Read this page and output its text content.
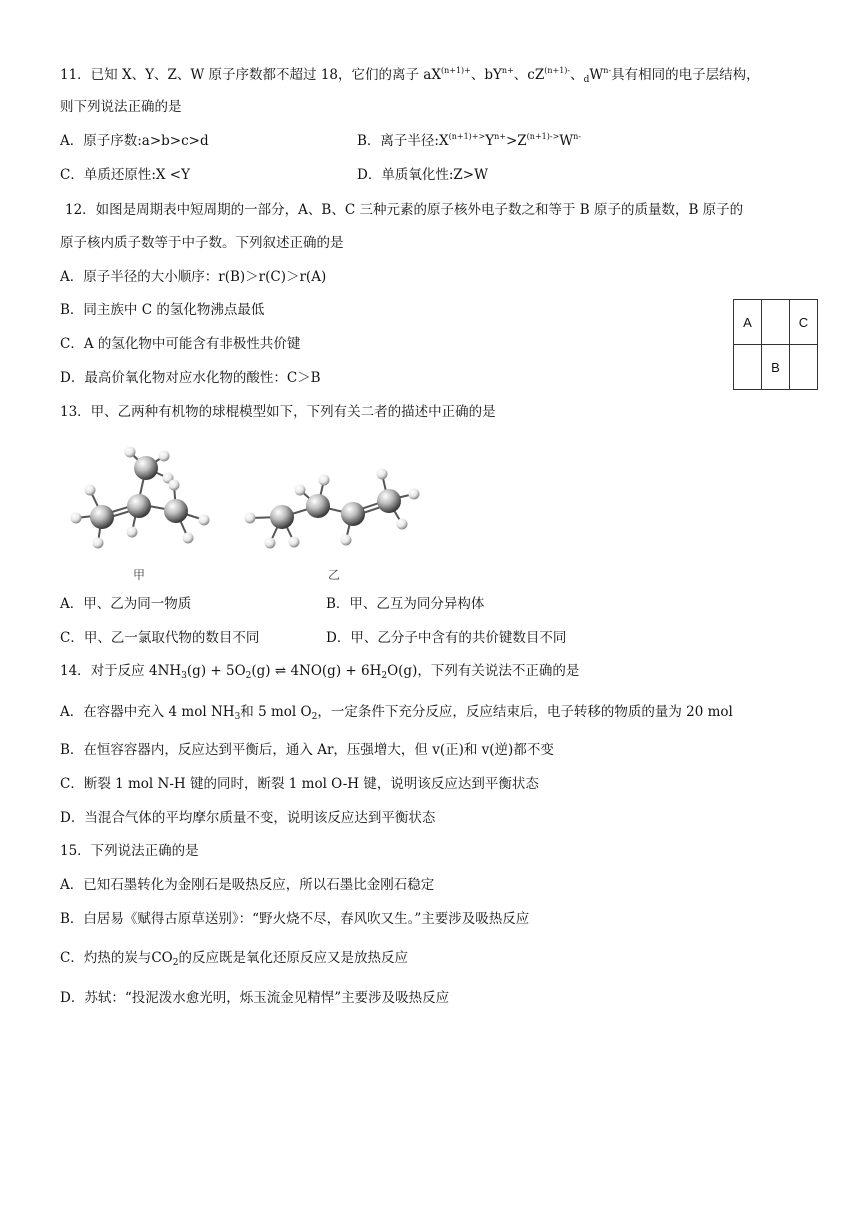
11．已知 X、Y、Z、W 原子序数都不超过 18，它们的离子 $aX^{(n+1)+}$、$bY^{n+}$、$cZ^{(n+1)-}$、$_dW^{n-}$具有相同的电子层结构，
则下列说法正确的是
A．原子序数:a>b>c>d	B．离子半径$:X^{(n+1)+>}Y^{n+}>Z^{(n+1)->}W^{n-}$
C．单质还原性:X <Y	D．单质氧化性:Z>W
12．如图是周期表中短周期的一部分，A、B、C 三种元素的原子核外电子数之和等于 B 原子的质量数，B 原子的
原子核内质子数等于中子数。下列叙述正确的是
A．原子半径的大小顺序：r(B)＞r(C)＞r(A)
B．同主族中 C 的氢化物沸点最低
C．A 的氢化物中可能含有非极性共价键
D．最高价氧化物对应水化物的酸性：C＞B
A		C
	B	
13．甲、乙两种有机物的球棍模型如下，下列有关二者的描述中正确的是
甲	乙
A．甲、乙为同一物质	B．甲、乙互为同分异构体
C．甲、乙一氯取代物的数目不同	D．甲、乙分子中含有的共价键数目不同
14．对于反应 $4NH_3(g) + 5O_2(g)$ ⇌ $4NO(g) + 6H_2O(g)$，下列有关说法不正确的是
A．在容器中充入 4 mol $NH_3$和 5 mol $O_2$，一定条件下充分反应，反应结束后，电子转移的物质的量为 20 mol
B．在恒容容器内，反应达到平衡后，通入 Ar，压强增大，但 v(正)和 v(逆)都不变
C．断裂 1 mol N-H 键的同时，断裂 1 mol O-H 键，说明该反应达到平衡状态
D．当混合气体的平均摩尔质量不变，说明该反应达到平衡状态
15．下列说法正确的是
A．已知石墨转化为金刚石是吸热反应，所以石墨比金刚石稳定
B．白居易《赋得古原草送别》：“野火烧不尽，春风吹又生。”主要涉及吸热反应
C．灼热的炭与$CO_2$的反应既是氧化还原反应又是放热反应
D．苏轼：“投泥泼水愈光明，烁玉流金见精悍”主要涉及吸热反应
